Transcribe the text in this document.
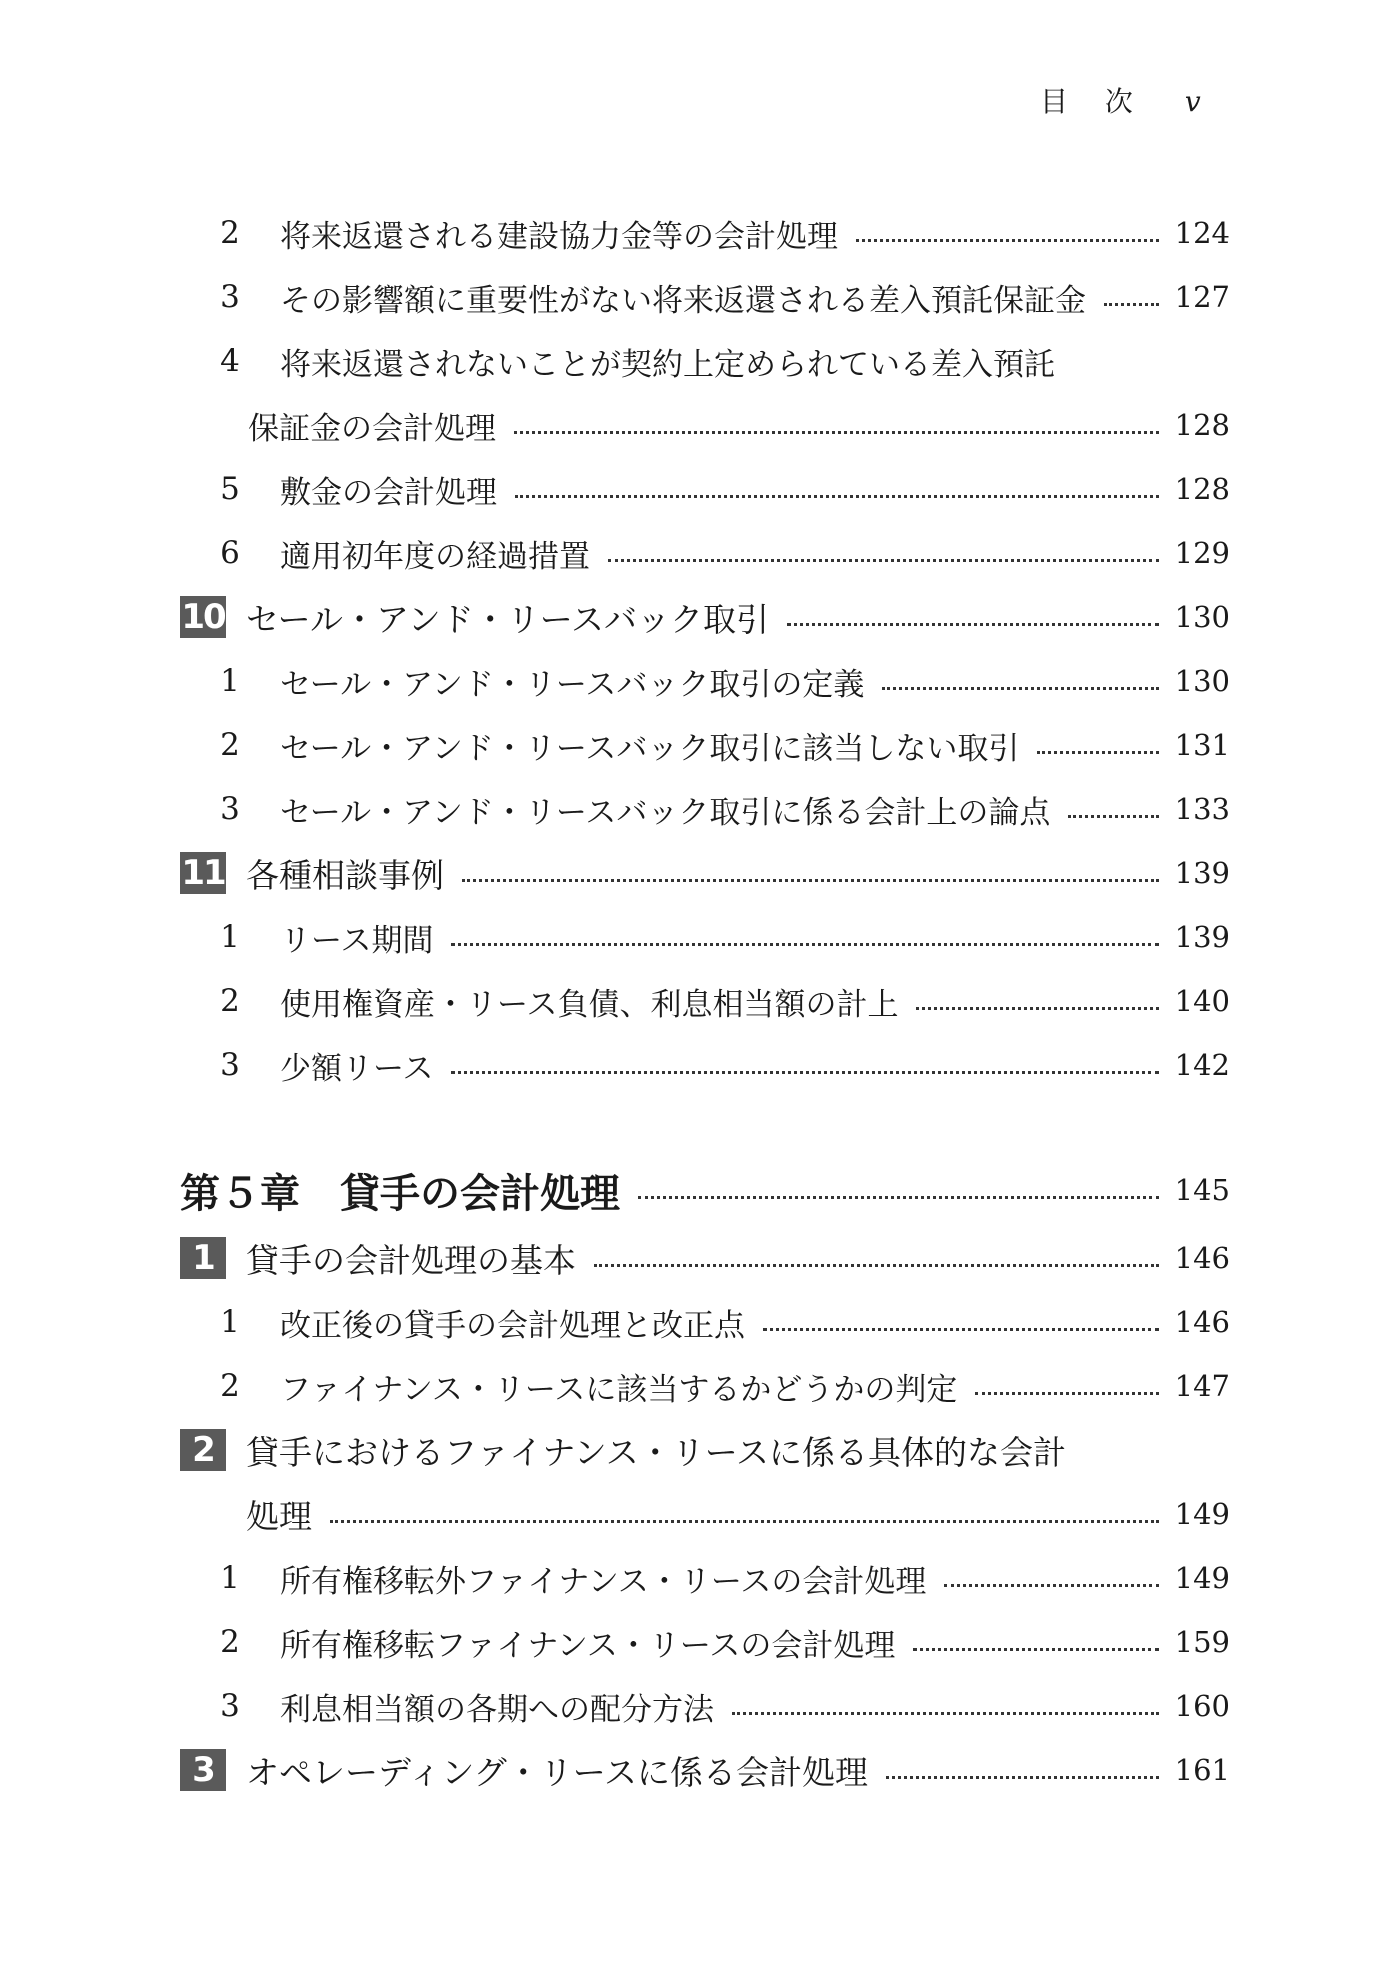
目 次 v
2	将来返還される建設協力金等の会計処理	124
3	その影響額に重要性がない将来返還される差入預託保証金	127
4	将来返還されないことが契約上定められている差入預託
保証金の会計処理	128
5	敷金の会計処理	128
6	適用初年度の経過措置	129
10 セール・アンド・リースバック取引	130
1	セール・アンド・リースバック取引の定義	130
2	セール・アンド・リースバック取引に該当しない取引	131
3	セール・アンド・リースバック取引に係る会計上の論点	133
11 各種相談事例	139
1	リース期間	139
2	使用権資産・リース負債、利息相当額の計上	140
3	少額リース	142
第５章　貸手の会計処理	145
1 貸手の会計処理の基本	146
1	改正後の貸手の会計処理と改正点	146
2	ファイナンス・リースに該当するかどうかの判定	147
2 貸手におけるファイナンス・リースに係る具体的な会計
処理	149
1	所有権移転外ファイナンス・リースの会計処理	149
2	所有権移転ファイナンス・リースの会計処理	159
3	利息相当額の各期への配分方法	160
3 オペレーディング・リースに係る会計処理	161
